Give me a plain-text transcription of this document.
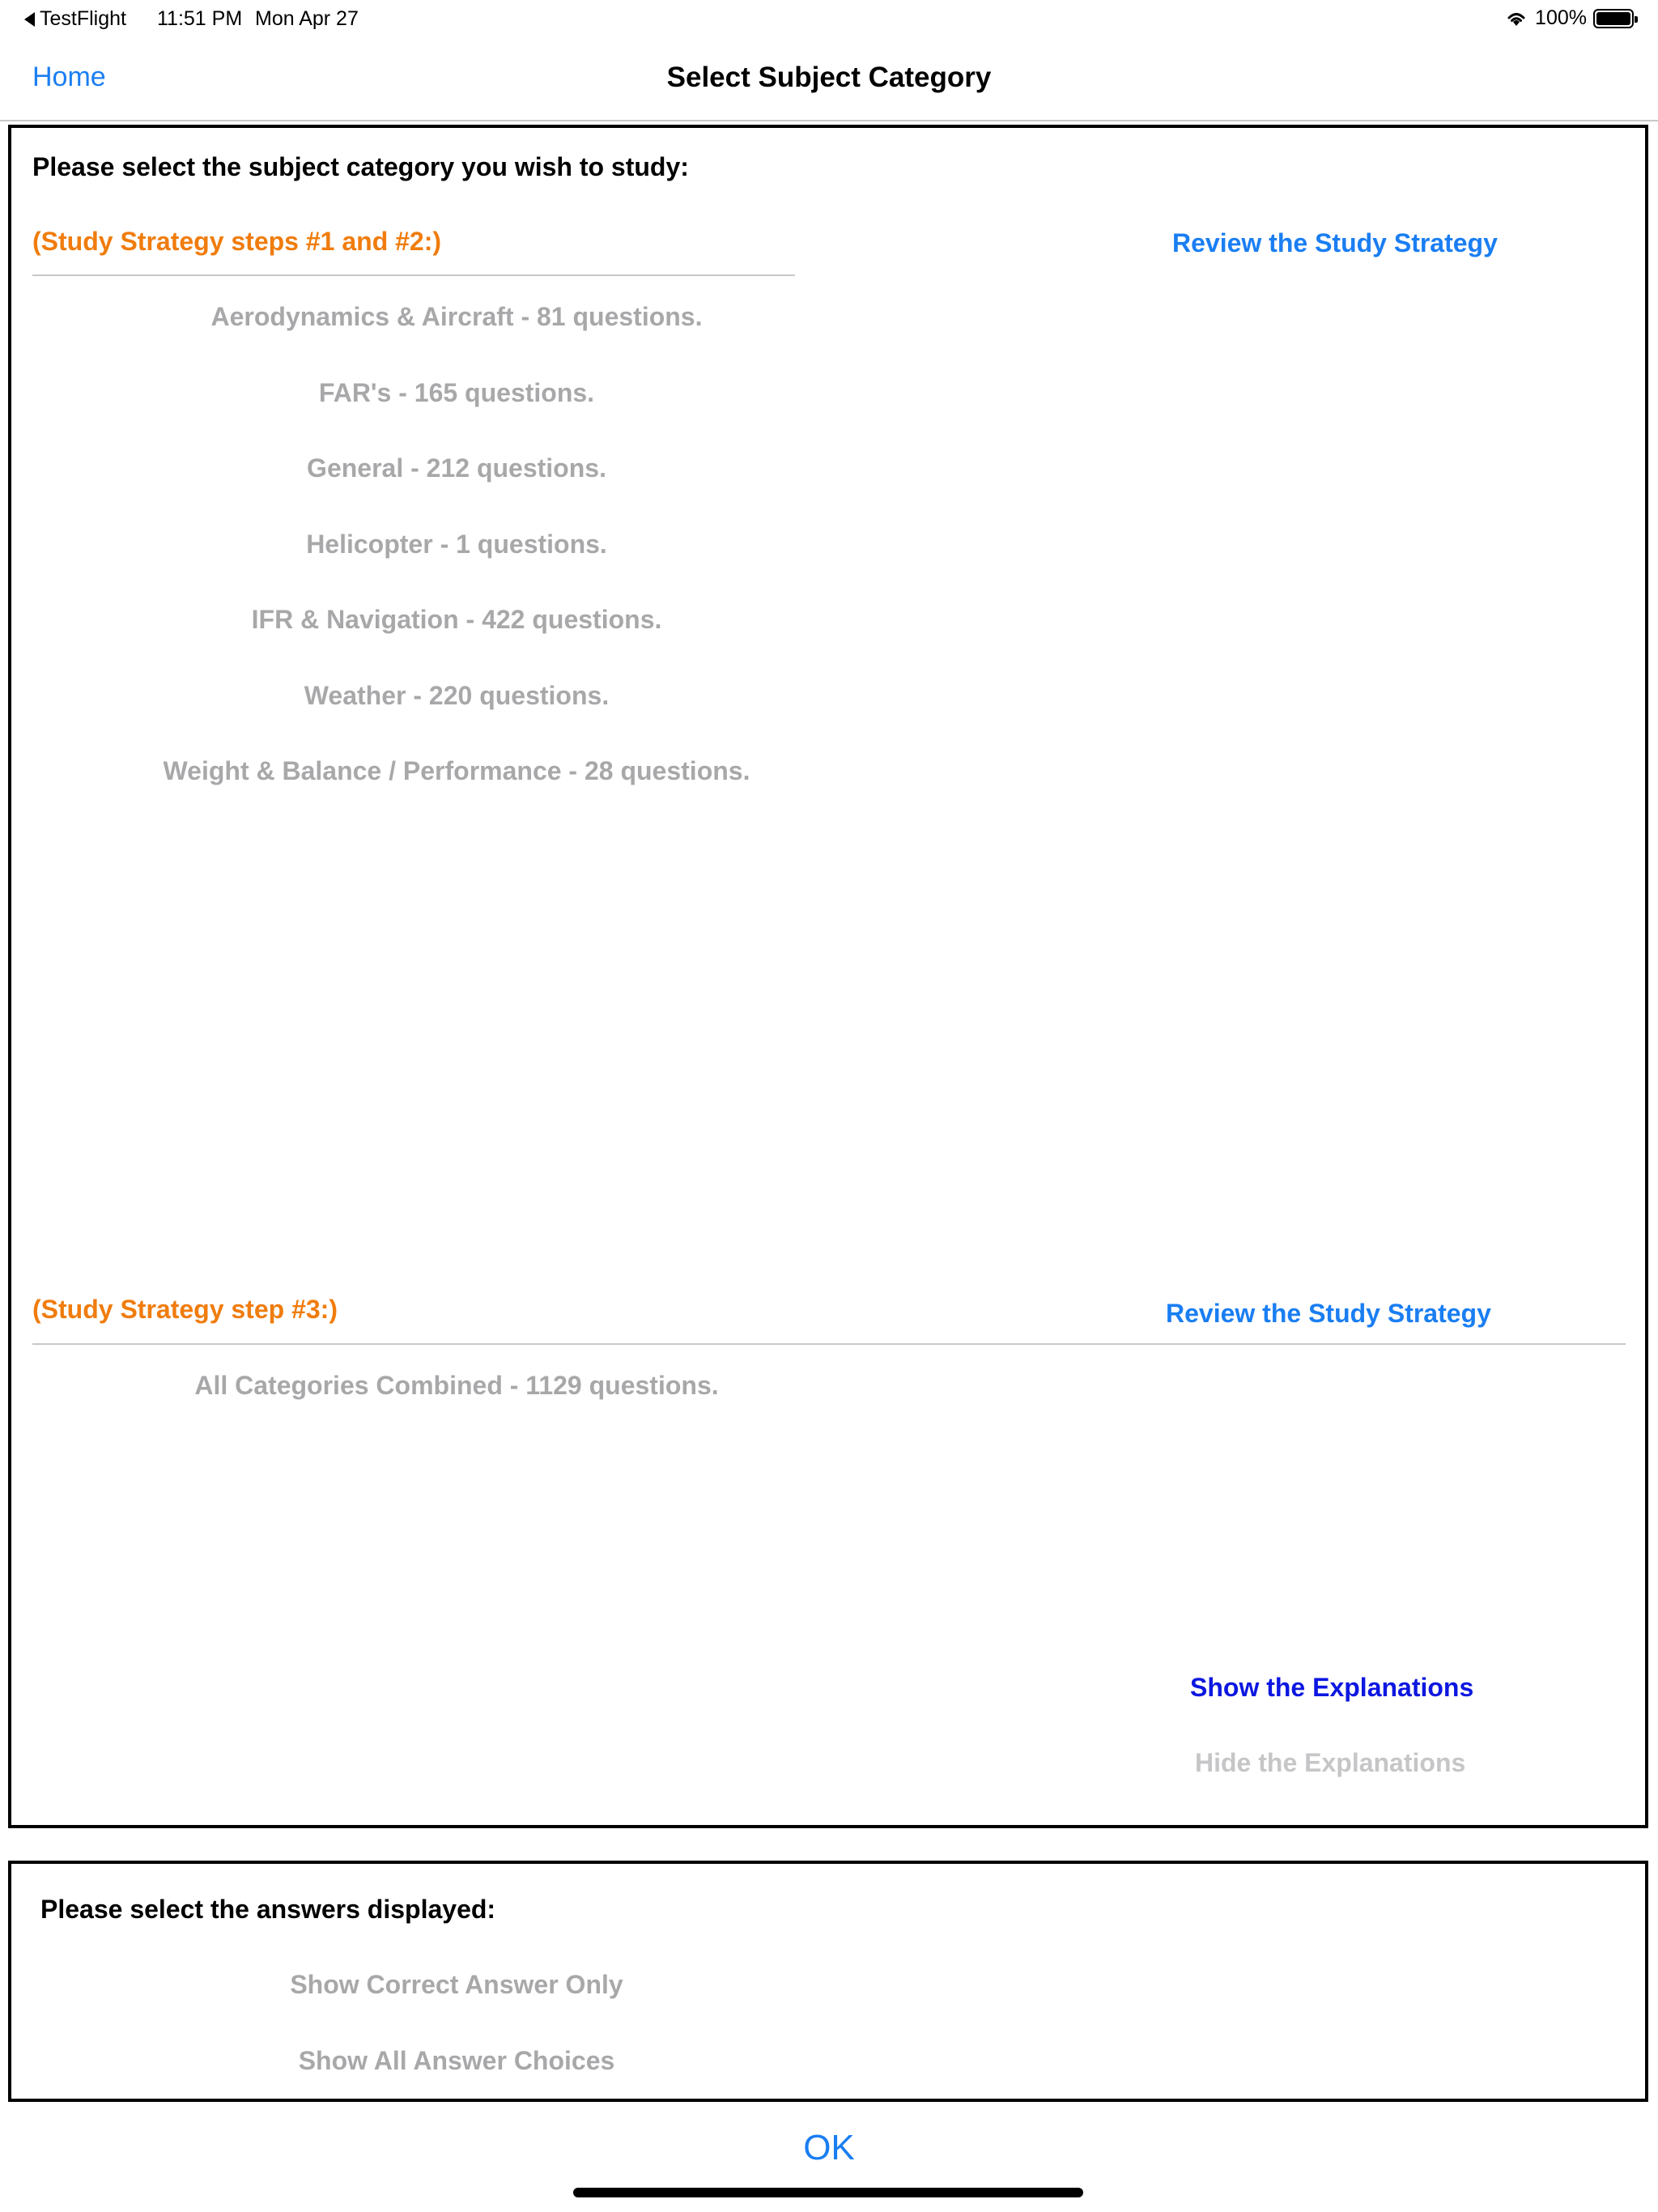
TestFlight 11:51 PM Mon Apr 27	100%
Home	Select Subject Category
Please select the subject category you wish to study:
(Study Strategy steps #1 and #2:)	Review the Study Strategy
Aerodynamics & Aircraft - 81 questions.
FAR's - 165 questions.
General - 212 questions.
Helicopter - 1 questions.
IFR & Navigation - 422 questions.
Weather - 220 questions.
Weight & Balance / Performance - 28 questions.
(Study Strategy step #3:)	Review the Study Strategy
All Categories Combined - 1129 questions.
Show the Explanations
Hide the Explanations
Please select the answers displayed:
Show Correct Answer Only
Show All Answer Choices
OK
